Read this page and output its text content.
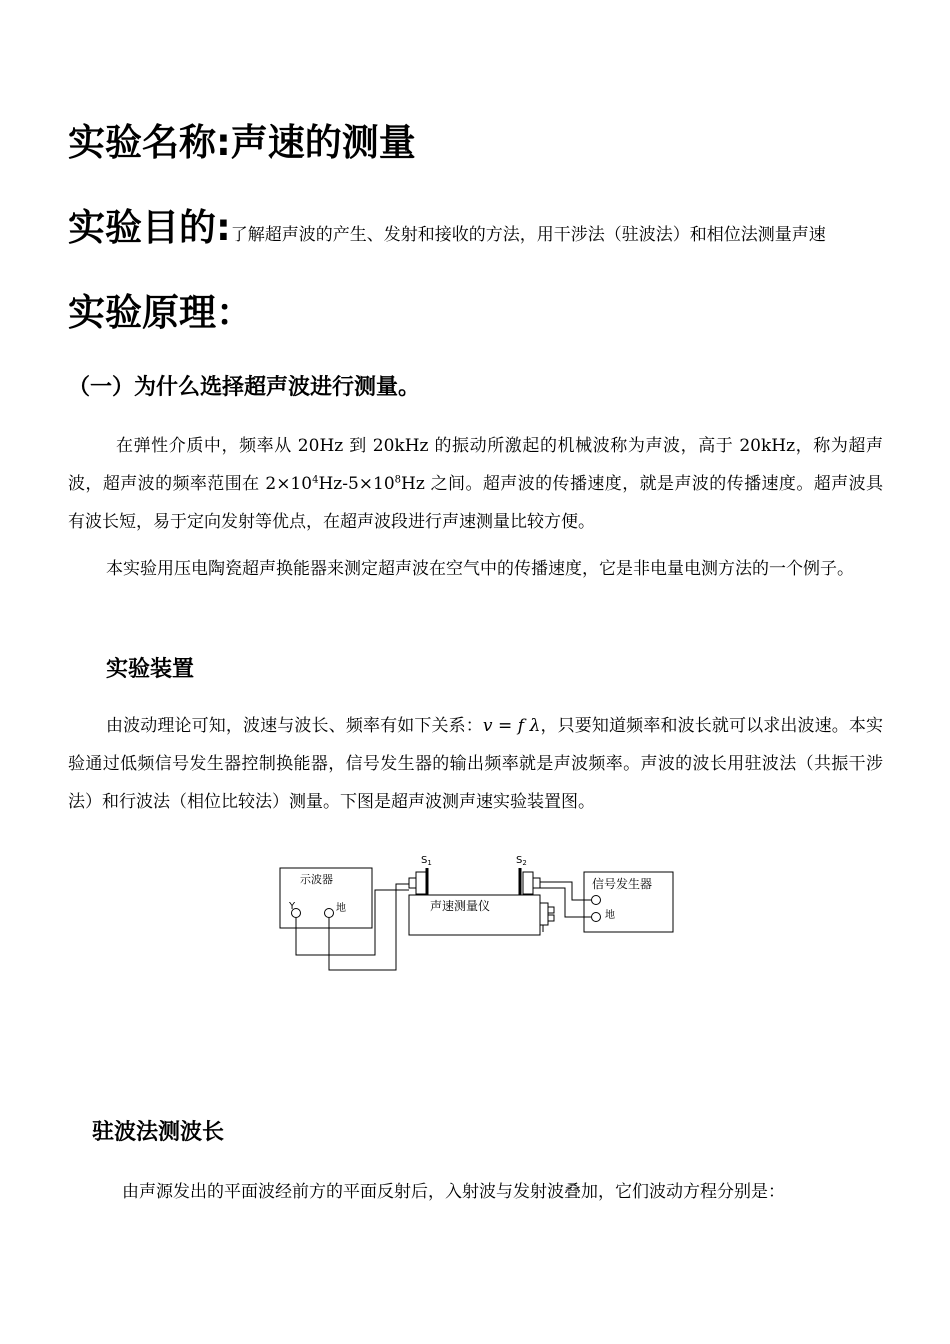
实验名称:声速的测量
实验目的:了解超声波的产生、发射和接收的方法，用干涉法（驻波法）和相位法测量声速
实验原理：
（一）为什么选择超声波进行测量。
在弹性介质中，频率从 20Hz 到 20kHz 的振动所激起的机械波称为声波，高于 20kHz，称为超声波，超声波的频率范围在 $2\times 10^4Hz-5\times 10^8Hz$ 之间。超声波的传播速度，就是声波的传播速度。超声波具有波长短，易于定向发射等优点，在超声波段进行声速测量比较方便。
本实验用压电陶瓷超声换能器来测定超声波在空气中的传播速度，它是非电量电测方法的一个例子。
实验装置
由波动理论可知，波速与波长、频率有如下关系：v = f λ，只要知道频率和波长就可以求出波速。本实验通过低频信号发生器控制换能器，信号发生器的输出频率就是声波频率。声波的波长用驻波法（共振干涉法）和行波法（相位比较法）测量。下图是超声波测声速实验装置图。
示波器
Y	地
$S_1$	$S_2$
声速测量仪
信号发生器
地
驻波法测波长
由声源发出的平面波经前方的平面反射后，入射波与发射波叠加，它们波动方程分别是：
